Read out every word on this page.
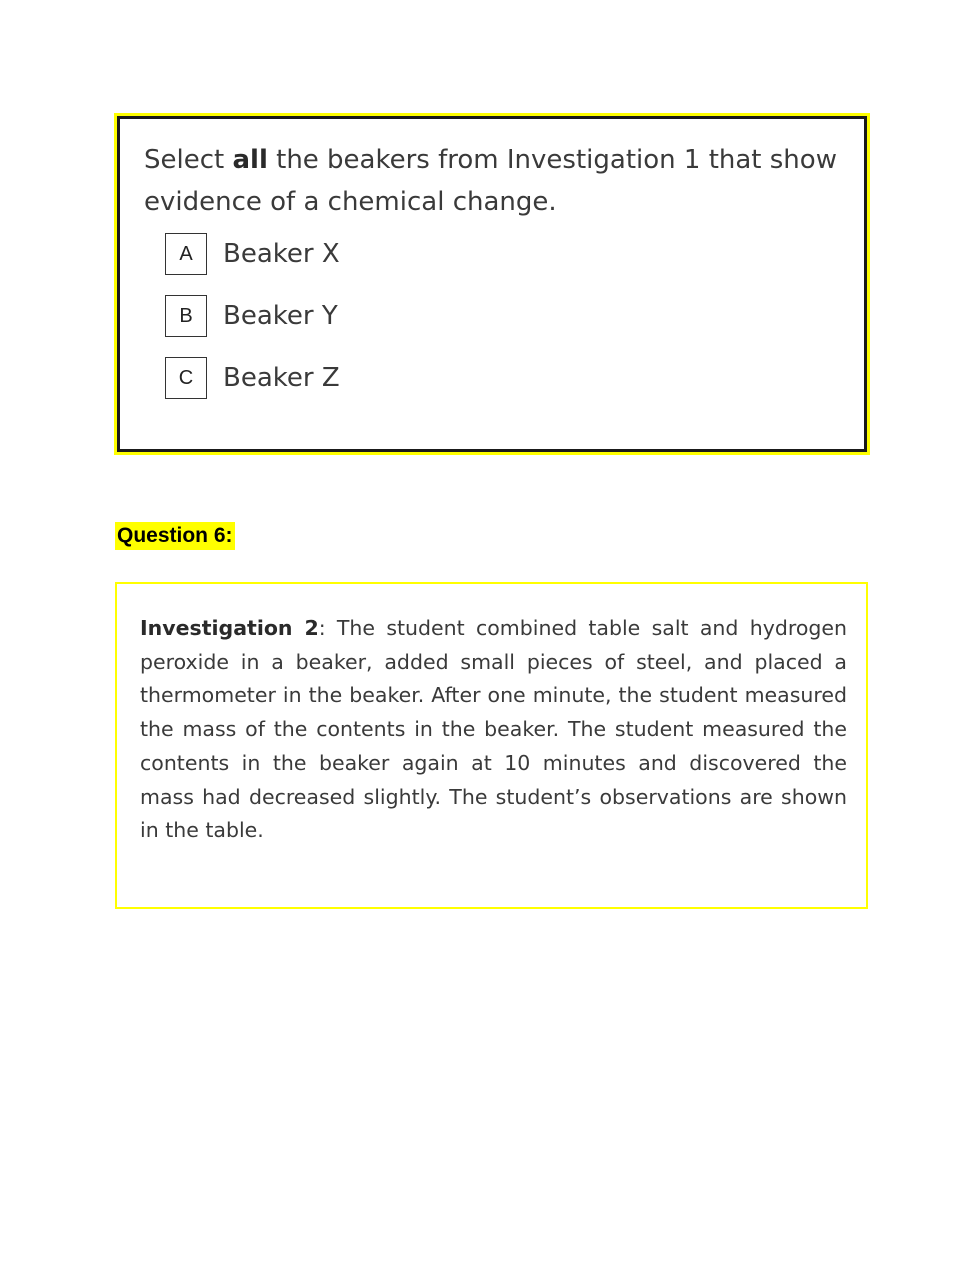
Select all the beakers from Investigation 1 that show evidence of a chemical change.

A	Beaker X
B	Beaker Y
C	Beaker Z

Question 6:

Investigation 2: The student combined table salt and hydrogen peroxide in a beaker, added small pieces of steel, and placed a thermometer in the beaker. After one minute, the student measured the mass of the contents in the beaker. The student measured the contents in the beaker again at 10 minutes and discovered the mass had decreased slightly. The student’s observations are shown in the table.
